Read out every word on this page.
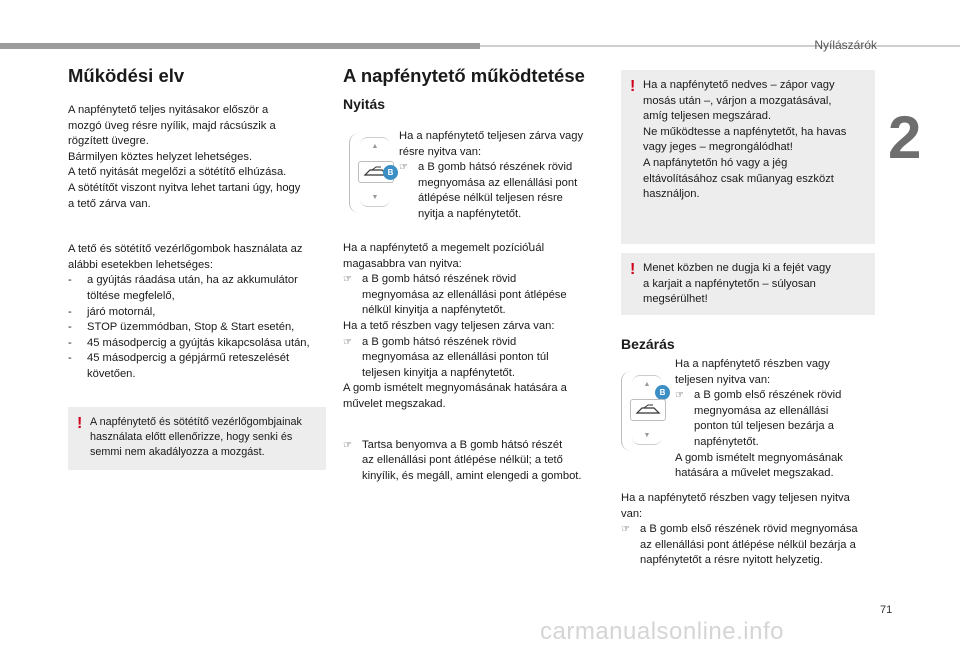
Nyílászárók
2
71
carmanualsonline.info
Működési elv
A napfénytető teljes nyitásakor először a
mozgó üveg résre nyílik, majd rácsúszik a
rögzített üvegre.
Bármilyen köztes helyzet lehetséges.
A tető nyitását megelőzi a sötétítő elhúzása.
A sötétítőt viszont nyitva lehet tartani úgy, hogy
a tető zárva van.
A tető és sötétítő vezérlőgombok használata az
alábbi esetekben lehetséges:
- a gyújtás ráadása után, ha az akkumulátor töltése megfelelő,
- járó motornál,
- STOP üzemmódban, Stop & Start esetén,
- 45 másodpercig a gyújtás kikapcsolása után,
- 45 másodpercig a gépjármű reteszelését követően.
! A napfénytető és sötétítő vezérlőgombjainak
használata előtt ellenőrizze, hogy senki és
semmi nem akadályozza a mozgást.
A napfénytető működtetése
Nyitás
▲
▼
B
Ha a napfénytető teljesen zárva vagy
résre nyitva van:
☞ a B gomb hátsó részének rövid
megnyomása az ellenállási pont
átlépése nélkül teljesen résre
nyitja a napfénytetőt.
Ha a napfénytető a megemelt pozícióնál
magasabbra van nyitva:
☞ a B gomb hátsó részének rövid
megnyomása az ellenállási pont átlépése
nélkül kinyitja a napfénytetőt.
Ha a tető részben vagy teljesen zárva van:
☞ a B gomb hátsó részének rövid
megnyomása az ellenállási ponton túl
teljesen kinyitja a napfénytetőt.
A gomb ismételt megnyomásának hatására a
művelet megszakad.
☞ Tartsa benyomva a B gomb hátsó részét
az ellenállási pont átlépése nélkül; a tető
kinyílik, és megáll, amint elengedi a gombot.
! Ha a napfénytető nedves – zápor vagy
mosás után –, várjon a mozgatásával,
amíg teljesen megszárad.
Ne működtesse a napfénytetőt, ha havas
vagy jeges – megrongálódhat!
A napfánytetőn hó vagy a jég
eltávolításához csak műanyag eszközt
használjon.
! Menet közben ne dugja ki a fejét vagy
a karjait a napfénytetőn – súlyosan
megsérülhet!
Bezárás
▲
B
▼
Ha a napfénytető részben vagy
teljesen nyitva van:
☞ a B gomb első részének rövid
megnyomása az ellenállási
ponton túl teljesen bezárja a
napfénytetőt.
A gomb ismételt megnyomásának
hatására a művelet megszakad.
Ha a napfénytető részben vagy teljesen nyitva
van:
☞ a B gomb első részének rövid megnyomása
az ellenállási pont átlépése nélkül bezárja a
napfénytetőt a résre nyitott helyzetig.
